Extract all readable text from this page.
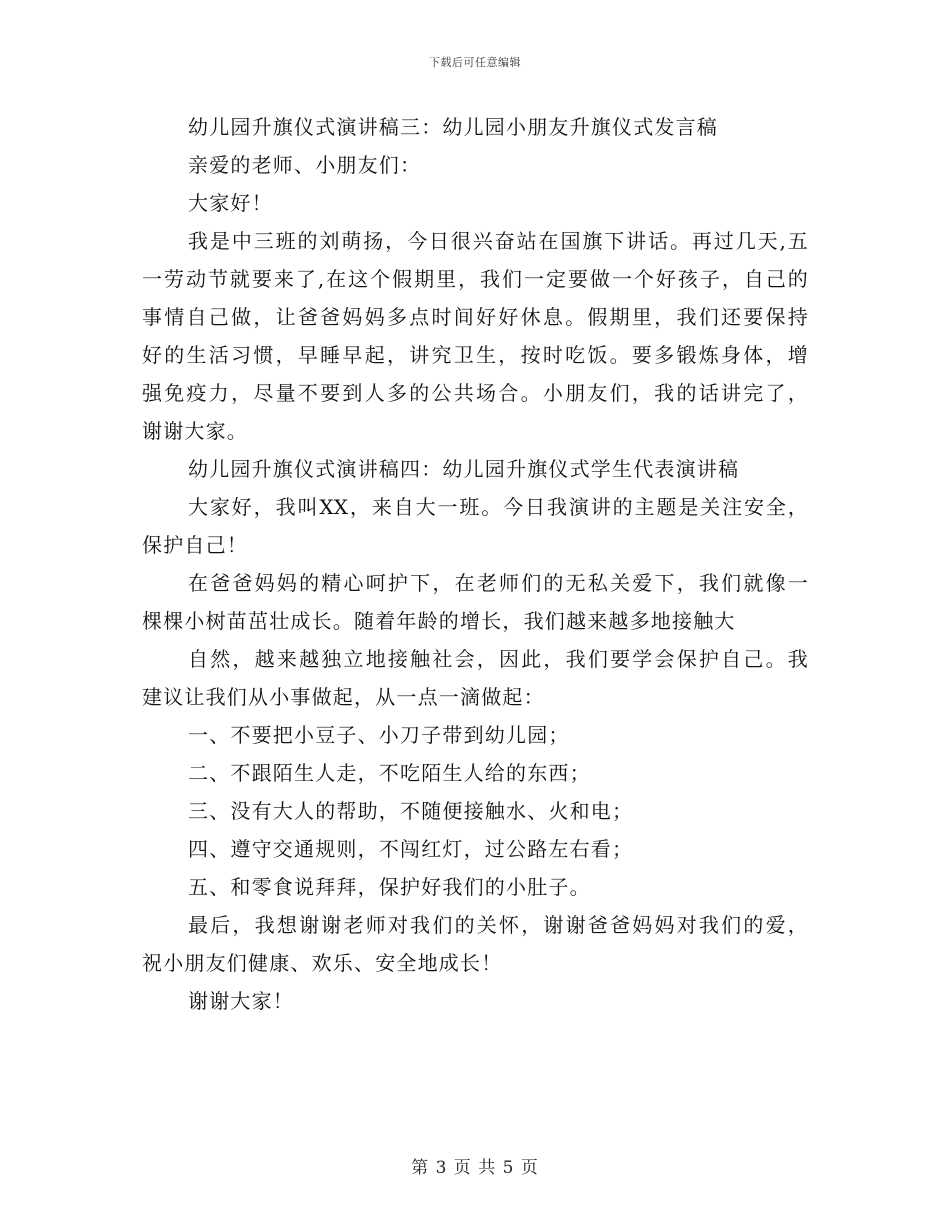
下载后可任意编辑
幼儿园升旗仪式演讲稿三：幼儿园小朋友升旗仪式发言稿
亲爱的老师、小朋友们：
大家好！
我是中三班的刘萌扬，今日很兴奋站在国旗下讲话。再过几天,五
一劳动节就要来了,在这个假期里，我们一定要做一个好孩子，自己的
事情自己做，让爸爸妈妈多点时间好好休息。假期里，我们还要保持
好的生活习惯，早睡早起，讲究卫生，按时吃饭。要多锻炼身体，增
强免疫力，尽量不要到人多的公共场合。小朋友们，我的话讲完了，
谢谢大家。
幼儿园升旗仪式演讲稿四：幼儿园升旗仪式学生代表演讲稿
大家好，我叫XX，来自大一班。今日我演讲的主题是关注安全，
保护自己！
在爸爸妈妈的精心呵护下，在老师们的无私关爱下，我们就像一
棵棵小树苗茁壮成长。随着年龄的增长，我们越来越多地接触大
自然，越来越独立地接触社会，因此，我们要学会保护自己。我
建议让我们从小事做起，从一点一滴做起：
一、不要把小豆子、小刀子带到幼儿园；
二、不跟陌生人走，不吃陌生人给的东西；
三、没有大人的帮助，不随便接触水、火和电；
四、遵守交通规则，不闯红灯，过公路左右看；
五、和零食说拜拜，保护好我们的小肚子。
最后，我想谢谢老师对我们的关怀，谢谢爸爸妈妈对我们的爱，
祝小朋友们健康、欢乐、安全地成长！
谢谢大家！
第 3 页 共 5 页
